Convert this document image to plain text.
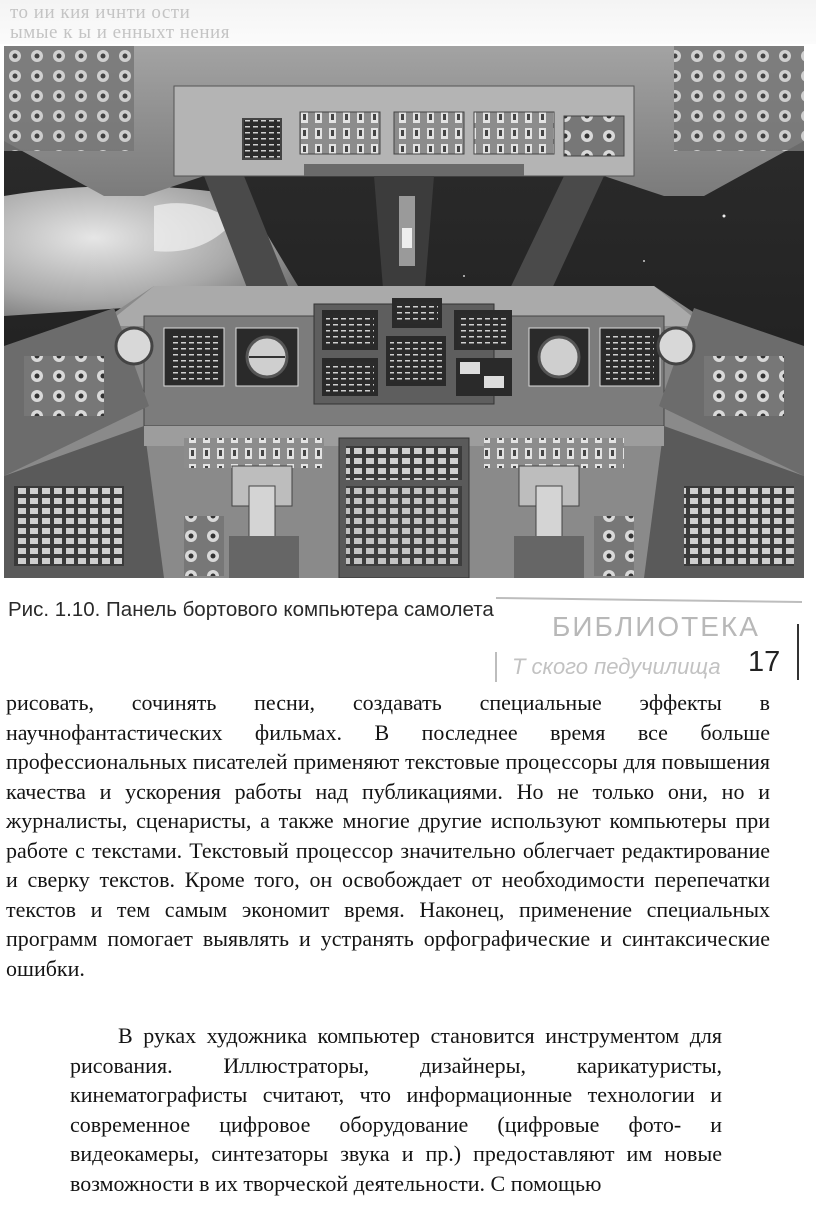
то ии кия ичнти ости
ымые к ы и енныхт нения
Рис. 1.10. Панель бортового компьютера самолета
БИБЛИОТЕКА
Т ского педучилища 17

рисовать, сочинять песни, создавать специальные эффекты в научнофантастических фильмах. В последнее время все больше профессиональных писателей применяют текстовые процессоры для повышения качества и ускорения работы над публикациями. Но не только они, но и журналисты, сценаристы, а также многие другие используют компьютеры при работе с текстами. Текстовый процессор значительно облегчает редактирование и сверку текстов. Кроме того, он освобождает от необходимости перепечатки текстов и тем самым экономит время. Наконец, применение специальных программ помогает выявлять и устранять орфографические и синтаксические ошибки.

В руках художника компьютер становится инструментом для рисования. Иллюстраторы, дизайнеры, карикатуристы, кинематографисты считают, что информационные технологии и современное цифровое оборудование (цифровые фото- и видеокамеры, синтезаторы звука и пр.) предоставляют им новые возможности в их творческой деятельности. С помощью
